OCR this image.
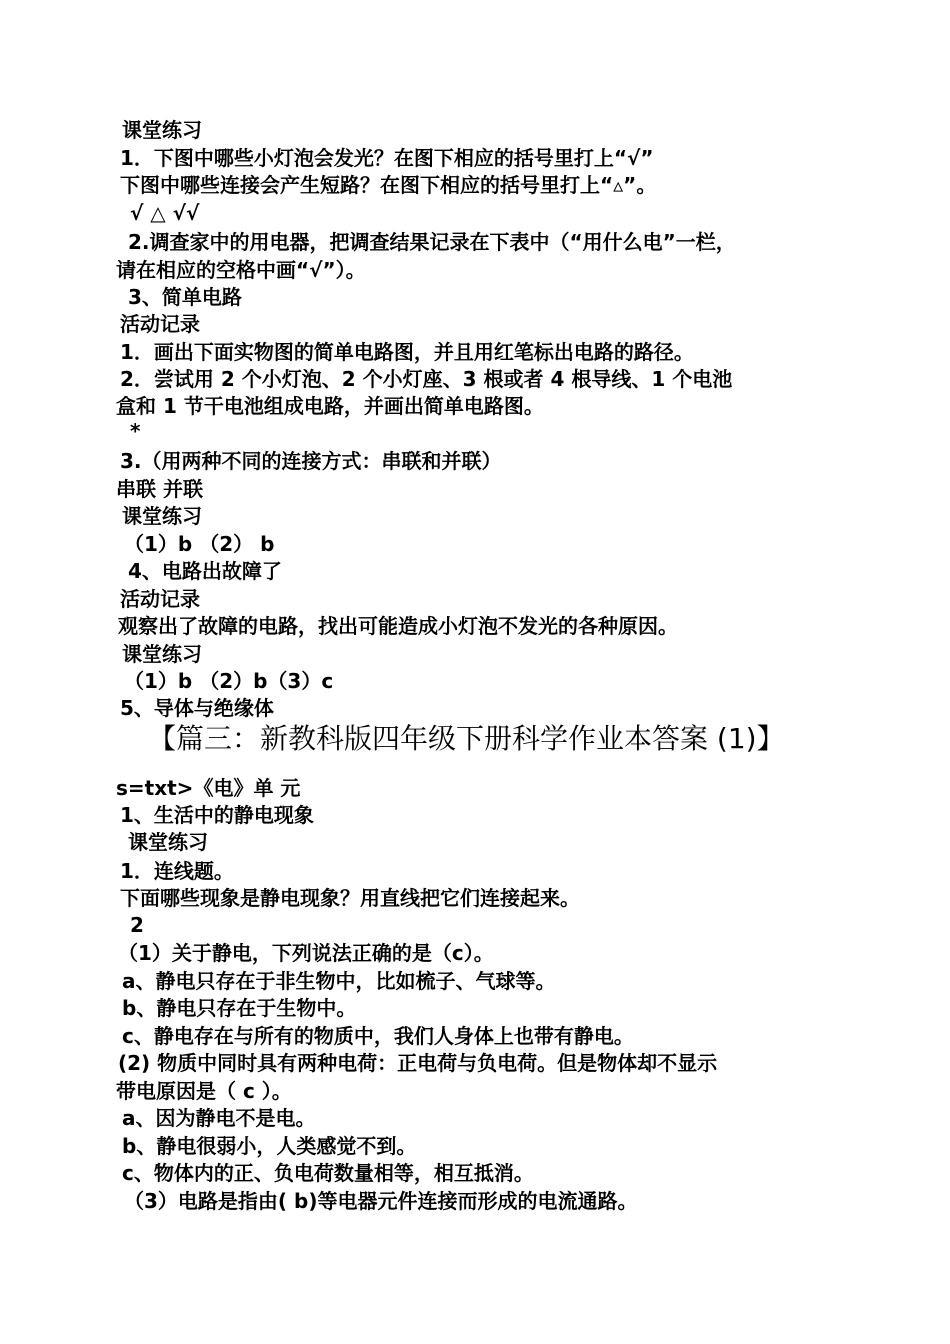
课堂练习
1．下图中哪些小灯泡会发光？在图下相应的括号里打上“√”
下图中哪些连接会产生短路？在图下相应的括号里打上“▵”。
√ △ √√
2.调查家中的用电器，把调查结果记录在下表中（“用什么电”一栏，
请在相应的空格中画“√”）。
3、简单电路
活动记录
1．画出下面实物图的简单电路图，并且用红笔标出电路的路径。
2．尝试用 2 个小灯泡、2 个小灯座、3 根或者 4 根导线、1 个电池
盒和 1 节干电池组成电路，并画出简单电路图。
*
3.（用两种不同的连接方式：串联和并联）
串联 并联
课堂练习
（1）b （2） b
4、电路出故障了
活动记录
观察出了故障的电路，找出可能造成小灯泡不发光的各种原因。
课堂练习
（1）b （2）b（3）c
5、导体与绝缘体
【篇三：新教科版四年级下册科学作业本答案 (1)】
s=txt>《电》单 元
1、生活中的静电现象
课堂练习
1．连线题。
下面哪些现象是静电现象？用直线把它们连接起来。
2
（1）关于静电，下列说法正确的是（c）。
a、静电只存在于非生物中，比如梳子、气球等。
b、静电只存在于生物中。
c、静电存在与所有的物质中，我们人身体上也带有静电。
(2) 物质中同时具有两种电荷：正电荷与负电荷。但是物体却不显示
带电原因是（ c ）。
a、因为静电不是电。
b、静电很弱小，人类感觉不到。
c、物体内的正、负电荷数量相等，相互抵消。
（3）电路是指由( b)等电器元件连接而形成的电流通路。
